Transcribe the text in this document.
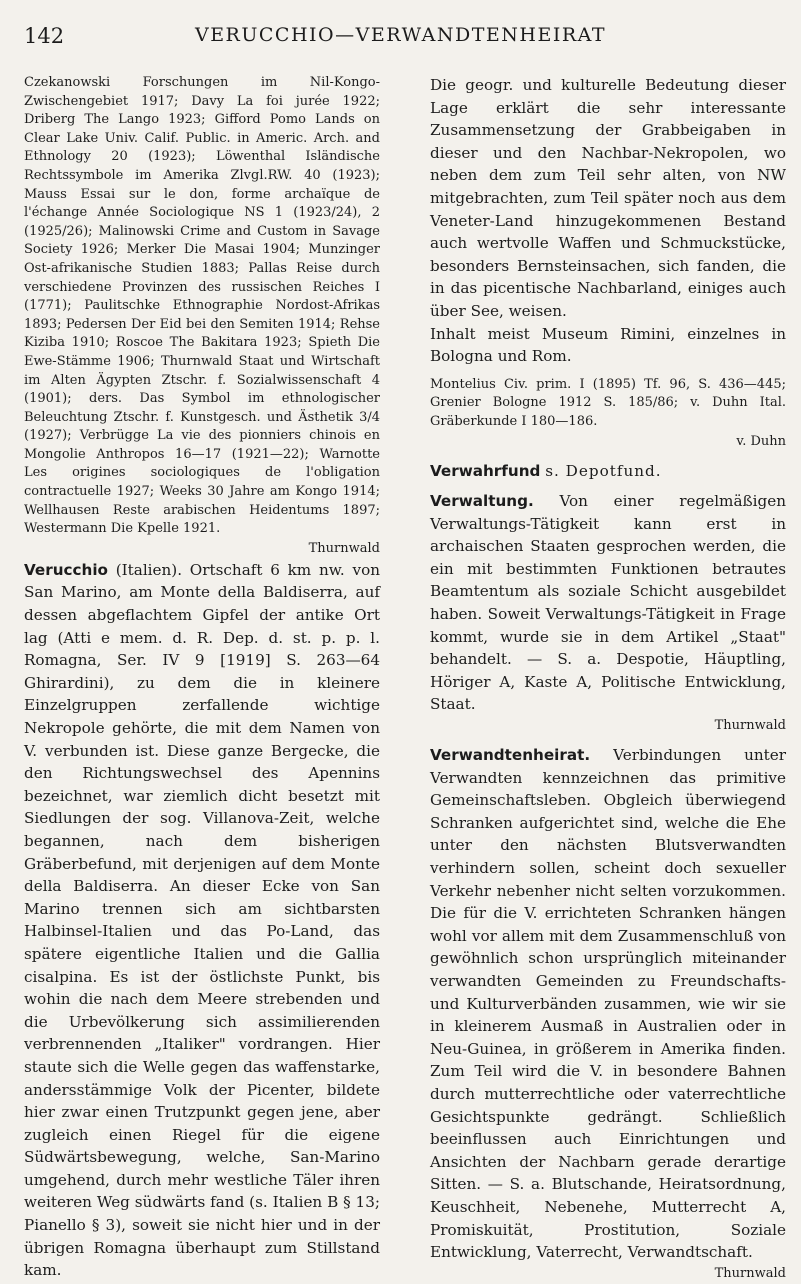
142	VERUCCHIO—VERWANDTENHEIRAT

Czekanowski Forschungen im Nil-Kongo-Zwischengebiet 1917; Davy La foi jurée 1922; Driberg The Lango 1923; Gifford Pomo Lands on Clear Lake Univ. Calif. Public. in Americ. Arch. and Ethnology 20 (1923); Löwenthal Isländische Rechtssymbole im Amerika Zlvgl.RW. 40 (1923); Mauss Essai sur le don, forme archaïque de l'échange Année Sociologique NS 1 (1923/24), 2 (1925/26); Malinowski Crime and Custom in Savage Society 1926; Merker Die Masai 1904; Munzinger Ost-afrikanische Studien 1883; Pallas Reise durch verschiedene Provinzen des russischen Reiches I (1771); Paulitschke Ethnographie Nordost-Afrikas 1893; Pedersen Der Eid bei den Semiten 1914; Rehse Kiziba 1910; Roscoe The Bakitara 1923; Spieth Die Ewe-Stämme 1906; Thurnwald Staat und Wirtschaft im Alten Ägypten Ztschr. f. Sozialwissenschaft 4 (1901); ders. Das Symbol im ethnologischer Beleuchtung Ztschr. f. Kunstgesch. und Ästhetik 3/4 (1927); Verbrügge La vie des pionniers chinois en Mongolie Anthropos 16—17 (1921—22); Warnotte Les origines sociologiques de l'obligation contractuelle 1927; Weeks 30 Jahre am Kongo 1914; Wellhausen Reste arabischen Heidentums 1897; Westermann Die Kpelle 1921.

Thurnwald

Verucchio (Italien). Ortschaft 6 km nw. von San Marino, am Monte della Baldiserra, auf dessen abgeflachtem Gipfel der antike Ort lag (Atti e mem. d. R. Dep. d. st. p. p. l. Romagna, Ser. IV 9 [1919] S. 263—64 Ghirardini), zu dem die in kleinere Einzelgruppen zerfallende wichtige Nekropole gehörte, die mit dem Namen von V. verbunden ist. Diese ganze Bergecke, die den Richtungswechsel des Apennins bezeichnet, war ziemlich dicht besetzt mit Siedlungen der sog. Villanova-Zeit, welche begannen, nach dem bisherigen Gräberbefund, mit derjenigen auf dem Monte della Baldiserra. An dieser Ecke von San Marino trennen sich am sichtbarsten Halbinsel-Italien und das Po-Land, das spätere eigentliche Italien und die Gallia cisalpina. Es ist der östlichste Punkt, bis wohin die nach dem Meere strebenden und die Urbevölkerung sich assimilierenden verbrennenden „Italiker" vordrangen. Hier staute sich die Welle gegen das waffenstarke, andersstämmige Volk der Picenter, bildete hier zwar einen Trutzpunkt gegen jene, aber zugleich einen Riegel für die eigene Südwärtsbewegung, welche, San-Marino umgehend, durch mehr westliche Täler ihren weiteren Weg südwärts fand (s. Italien B § 13; Pianello § 3), soweit sie nicht hier und in der übrigen Romagna überhaupt zum Stillstand kam.

Die geogr. und kulturelle Bedeutung dieser Lage erklärt die sehr interessante Zusammensetzung der Grabbeigaben in dieser und den Nachbar-Nekropolen, wo neben dem zum Teil sehr alten, von NW mitgebrachten, zum Teil später noch aus dem Veneter-Land hinzugekommenen Bestand auch wertvolle Waffen und Schmuckstücke, besonders Bernsteinsachen, sich fanden, die in das picentische Nachbarland, einiges auch über See, weisen.

Inhalt meist Museum Rimini, einzelnes in Bologna und Rom.

Montelius Civ. prim. I (1895) Tf. 96, S. 436—445; Grenier Bologne 1912 S. 185/86; v. Duhn Ital. Gräberkunde I 180—186.

v. Duhn

Verwahrfund s. Depotfund.

Verwaltung. Von einer regelmäßigen Verwaltungs-Tätigkeit kann erst in archaischen Staaten gesprochen werden, die ein mit bestimmten Funktionen betrautes Beamtentum als soziale Schicht ausgebildet haben. Soweit Verwaltungs-Tätigkeit in Frage kommt, wurde sie in dem Artikel „Staat" behandelt. — S. a. Despotie, Häuptling, Höriger A, Kaste A, Politische Entwicklung, Staat.

Thurnwald

Verwandtenheirat. Verbindungen unter Verwandten kennzeichnen das primitive Gemeinschaftsleben. Obgleich überwiegend Schranken aufgerichtet sind, welche die Ehe unter den nächsten Blutsverwandten verhindern sollen, scheint doch sexueller Verkehr nebenher nicht selten vorzukommen. Die für die V. errichteten Schranken hängen wohl vor allem mit dem Zusammenschluß von gewöhnlich schon ursprünglich miteinander verwandten Gemeinden zu Freundschafts- und Kulturverbänden zusammen, wie wir sie in kleinerem Ausmaß in Australien oder in Neu-Guinea, in größerem in Amerika finden. Zum Teil wird die V. in besondere Bahnen durch mutterrechtliche oder vaterrechtliche Gesichtspunkte gedrängt. Schließlich beeinflussen auch Einrichtungen und Ansichten der Nachbarn gerade derartige Sitten. — S. a. Blutschande, Heiratsordnung, Keuschheit, Nebenehe, Mutterrecht A, Promiskuität, Prostitution, Soziale Entwicklung, Vaterrecht, Verwandtschaft.

Thurnwald
